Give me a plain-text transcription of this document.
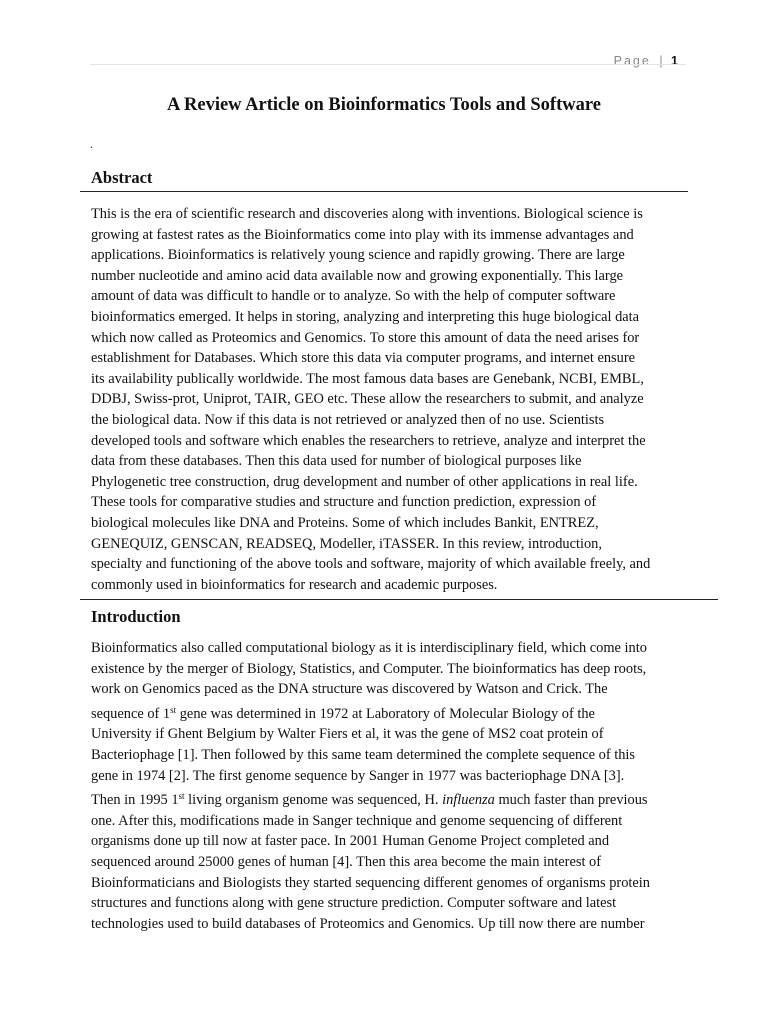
Page | 1
A Review Article on Bioinformatics Tools and Software
.
Abstract
This is the era of scientific research and discoveries along with inventions. Biological science is
growing at fastest rates as the Bioinformatics come into play with its immense advantages and
applications. Bioinformatics is relatively young science and rapidly growing. There are large
number nucleotide and amino acid data available now and growing exponentially. This large
amount of data was difficult to handle or to analyze. So with the help of computer software
bioinformatics emerged. It helps in storing, analyzing and interpreting this huge biological data
which now called as Proteomics and Genomics. To store this amount of data the need arises for
establishment for Databases. Which store this data via computer programs, and internet ensure
its availability publically worldwide. The most famous data bases are Genebank, NCBI, EMBL,
DDBJ, Swiss-prot, Uniprot, TAIR, GEO etc. These allow the researchers to submit, and analyze
the biological data. Now if this data is not retrieved or analyzed then of no use. Scientists
developed tools and software which enables the researchers to retrieve, analyze and interpret the
data from these databases. Then this data used for number of biological purposes like
Phylogenetic tree construction, drug development and number of other applications in real life.
These tools for comparative studies and structure and function prediction, expression of
biological molecules like DNA and Proteins. Some of which includes Bankit, ENTREZ,
GENEQUIZ, GENSCAN, READSEQ, Modeller, iTASSER. In this review, introduction,
specialty and functioning of the above tools and software, majority of which available freely, and
commonly used in bioinformatics for research and academic purposes.
Introduction
Bioinformatics also called computational biology as it is interdisciplinary field, which come into
existence by the merger of Biology, Statistics, and Computer. The bioinformatics has deep roots,
work on Genomics paced as the DNA structure was discovered by Watson and Crick. The
sequence of 1st gene was determined in 1972 at Laboratory of Molecular Biology of the
University if Ghent Belgium by Walter Fiers et al, it was the gene of MS2 coat protein of
Bacteriophage [1]. Then followed by this same team determined the complete sequence of this
gene in 1974 [2]. The first genome sequence by Sanger in 1977 was bacteriophage DNA [3].
Then in 1995 1st living organism genome was sequenced, H. influenza much faster than previous
one. After this, modifications made in Sanger technique and genome sequencing of different
organisms done up till now at faster pace. In 2001 Human Genome Project completed and
sequenced around 25000 genes of human [4]. Then this area become the main interest of
Bioinformaticians and Biologists they started sequencing different genomes of organisms protein
structures and functions along with gene structure prediction. Computer software and latest
technologies used to build databases of Proteomics and Genomics. Up till now there are number
